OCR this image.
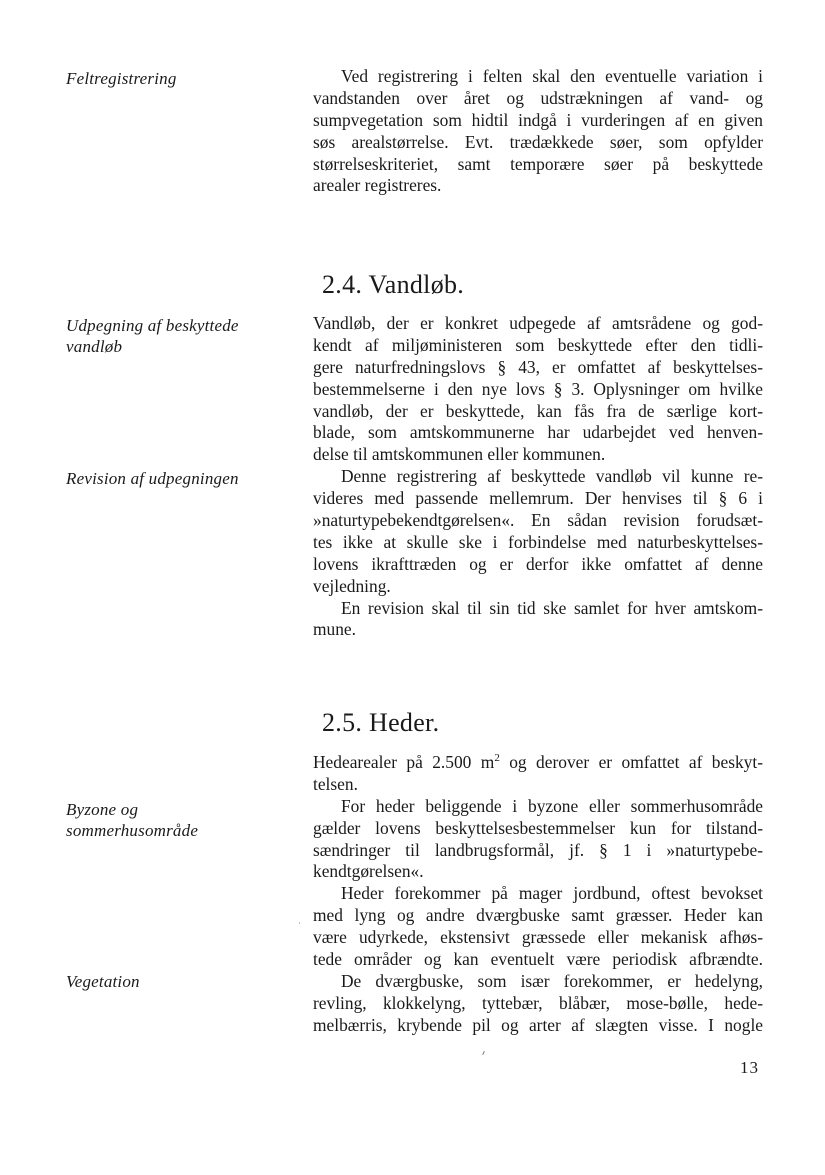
Feltregistrering
Udpegning af beskyttede
vandløb
Revision af udpegningen
Byzone og
sommerhusområde
Vegetation
Ved registrering i felten skal den eventuelle variation i
vandstanden over året og udstrækningen af vand- og
sumpvegetation som hidtil indgå i vurderingen af en given
søs arealstørrelse. Evt. trædækkede søer, som opfylder
størrelseskriteriet, samt temporære søer på beskyttede
arealer registreres.
2.4. Vandløb.
Vandløb, der er konkret udpegede af amtsrådene og god-
kendt af miljøministeren som beskyttede efter den tidli-
gere naturfredningslovs § 43, er omfattet af beskyttelses-
bestemmelserne i den nye lovs § 3. Oplysninger om hvilke
vandløb, der er beskyttede, kan fås fra de særlige kort-
blade, som amtskommunerne har udarbejdet ved henven-
delse til amtskommunen eller kommunen.
Denne registrering af beskyttede vandløb vil kunne re-
videres med passende mellemrum. Der henvises til § 6 i
»naturtypebekendtgørelsen«. En sådan revision forudsæt-
tes ikke at skulle ske i forbindelse med naturbeskyttelses-
lovens ikrafttræden og er derfor ikke omfattet af denne
vejledning.
En revision skal til sin tid ske samlet for hver amtskom-
mune.
2.5. Heder.
Hedearealer på 2.500 $m^2$ og derover er omfattet af beskyt-
telsen.
For heder beliggende i byzone eller sommerhusområde
gælder lovens beskyttelsesbestemmelser kun for tilstand-
sændringer til landbrugsformål, jf. § 1 i »naturtypebe-
kendtgørelsen«.
Heder forekommer på mager jordbund, oftest bevokset
med lyng og andre dværgbuske samt græsser. Heder kan
være udyrkede, ekstensivt græssede eller mekanisk afhøs-
tede områder og kan eventuelt være periodisk afbrændte.
De dværgbuske, som især forekommer, er hedelyng,
revling, klokkelyng, tyttebær, blåbær, mose-bølle, hede-
melbærris, krybende pil og arter af slægten visse. I nogle
13
